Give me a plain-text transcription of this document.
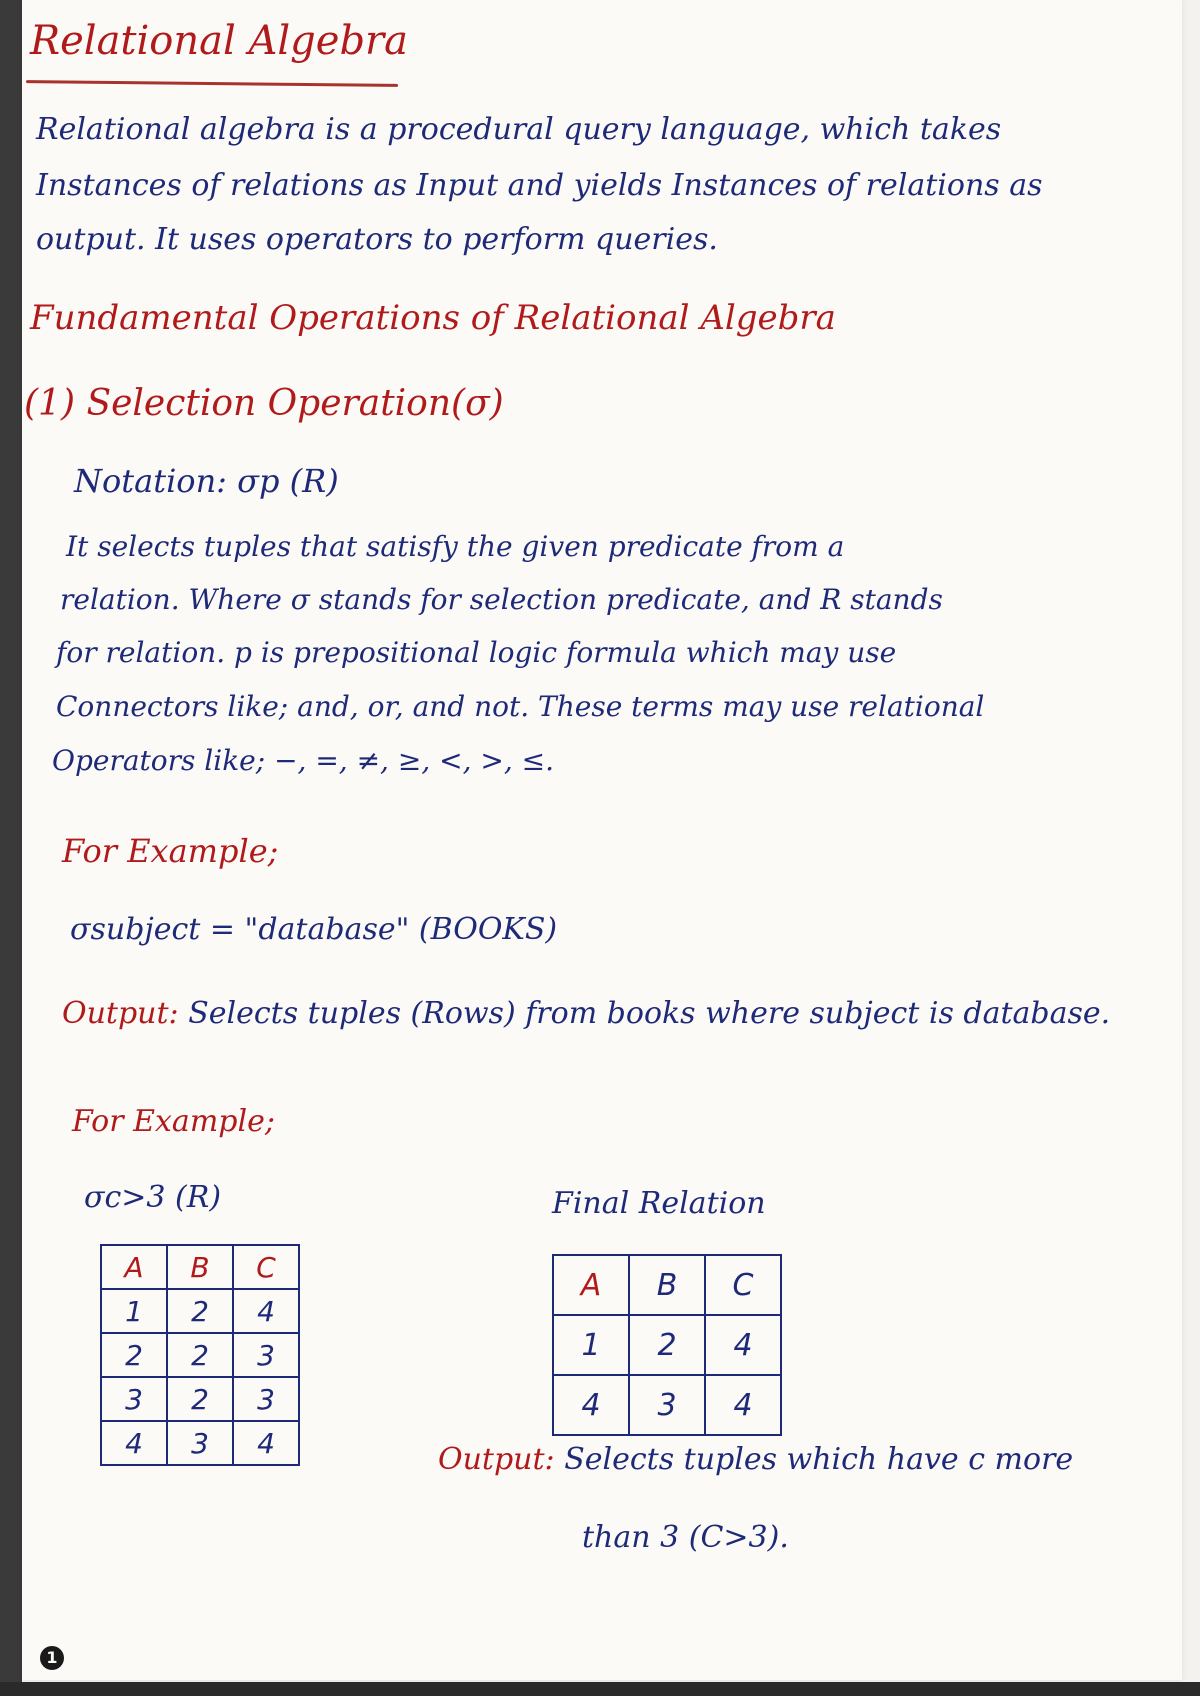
Relational Algebra
Relational algebra is a procedural query language, which takes
Instances of relations as Input and yields Instances of relations as
output. It uses operators to perform queries.
Fundamental Operations of Relational Algebra
(1) Selection Operation(σ)
Notation: σp (R)
It selects tuples that satisfy the given predicate from a
relation. Where σ stands for selection predicate, and R stands
for relation. p is prepositional logic formula which may use
Connectors like; and, or, and not. These terms may use relational
Operators like; −, =, ≠, ≥, <, >, ≤.
For Example;
σsubject = "database" (BOOKS)
Output: Selects tuples (Rows) from books where subject is database.
For Example;
σc>3 (R)	Final Relation
A	B	C
1	2	4
2	2	3
3	2	3
4	3	4
A	B	C
1	2	4
4	3	4
Output: Selects tuples which have c more
than 3 (C>3).
1
